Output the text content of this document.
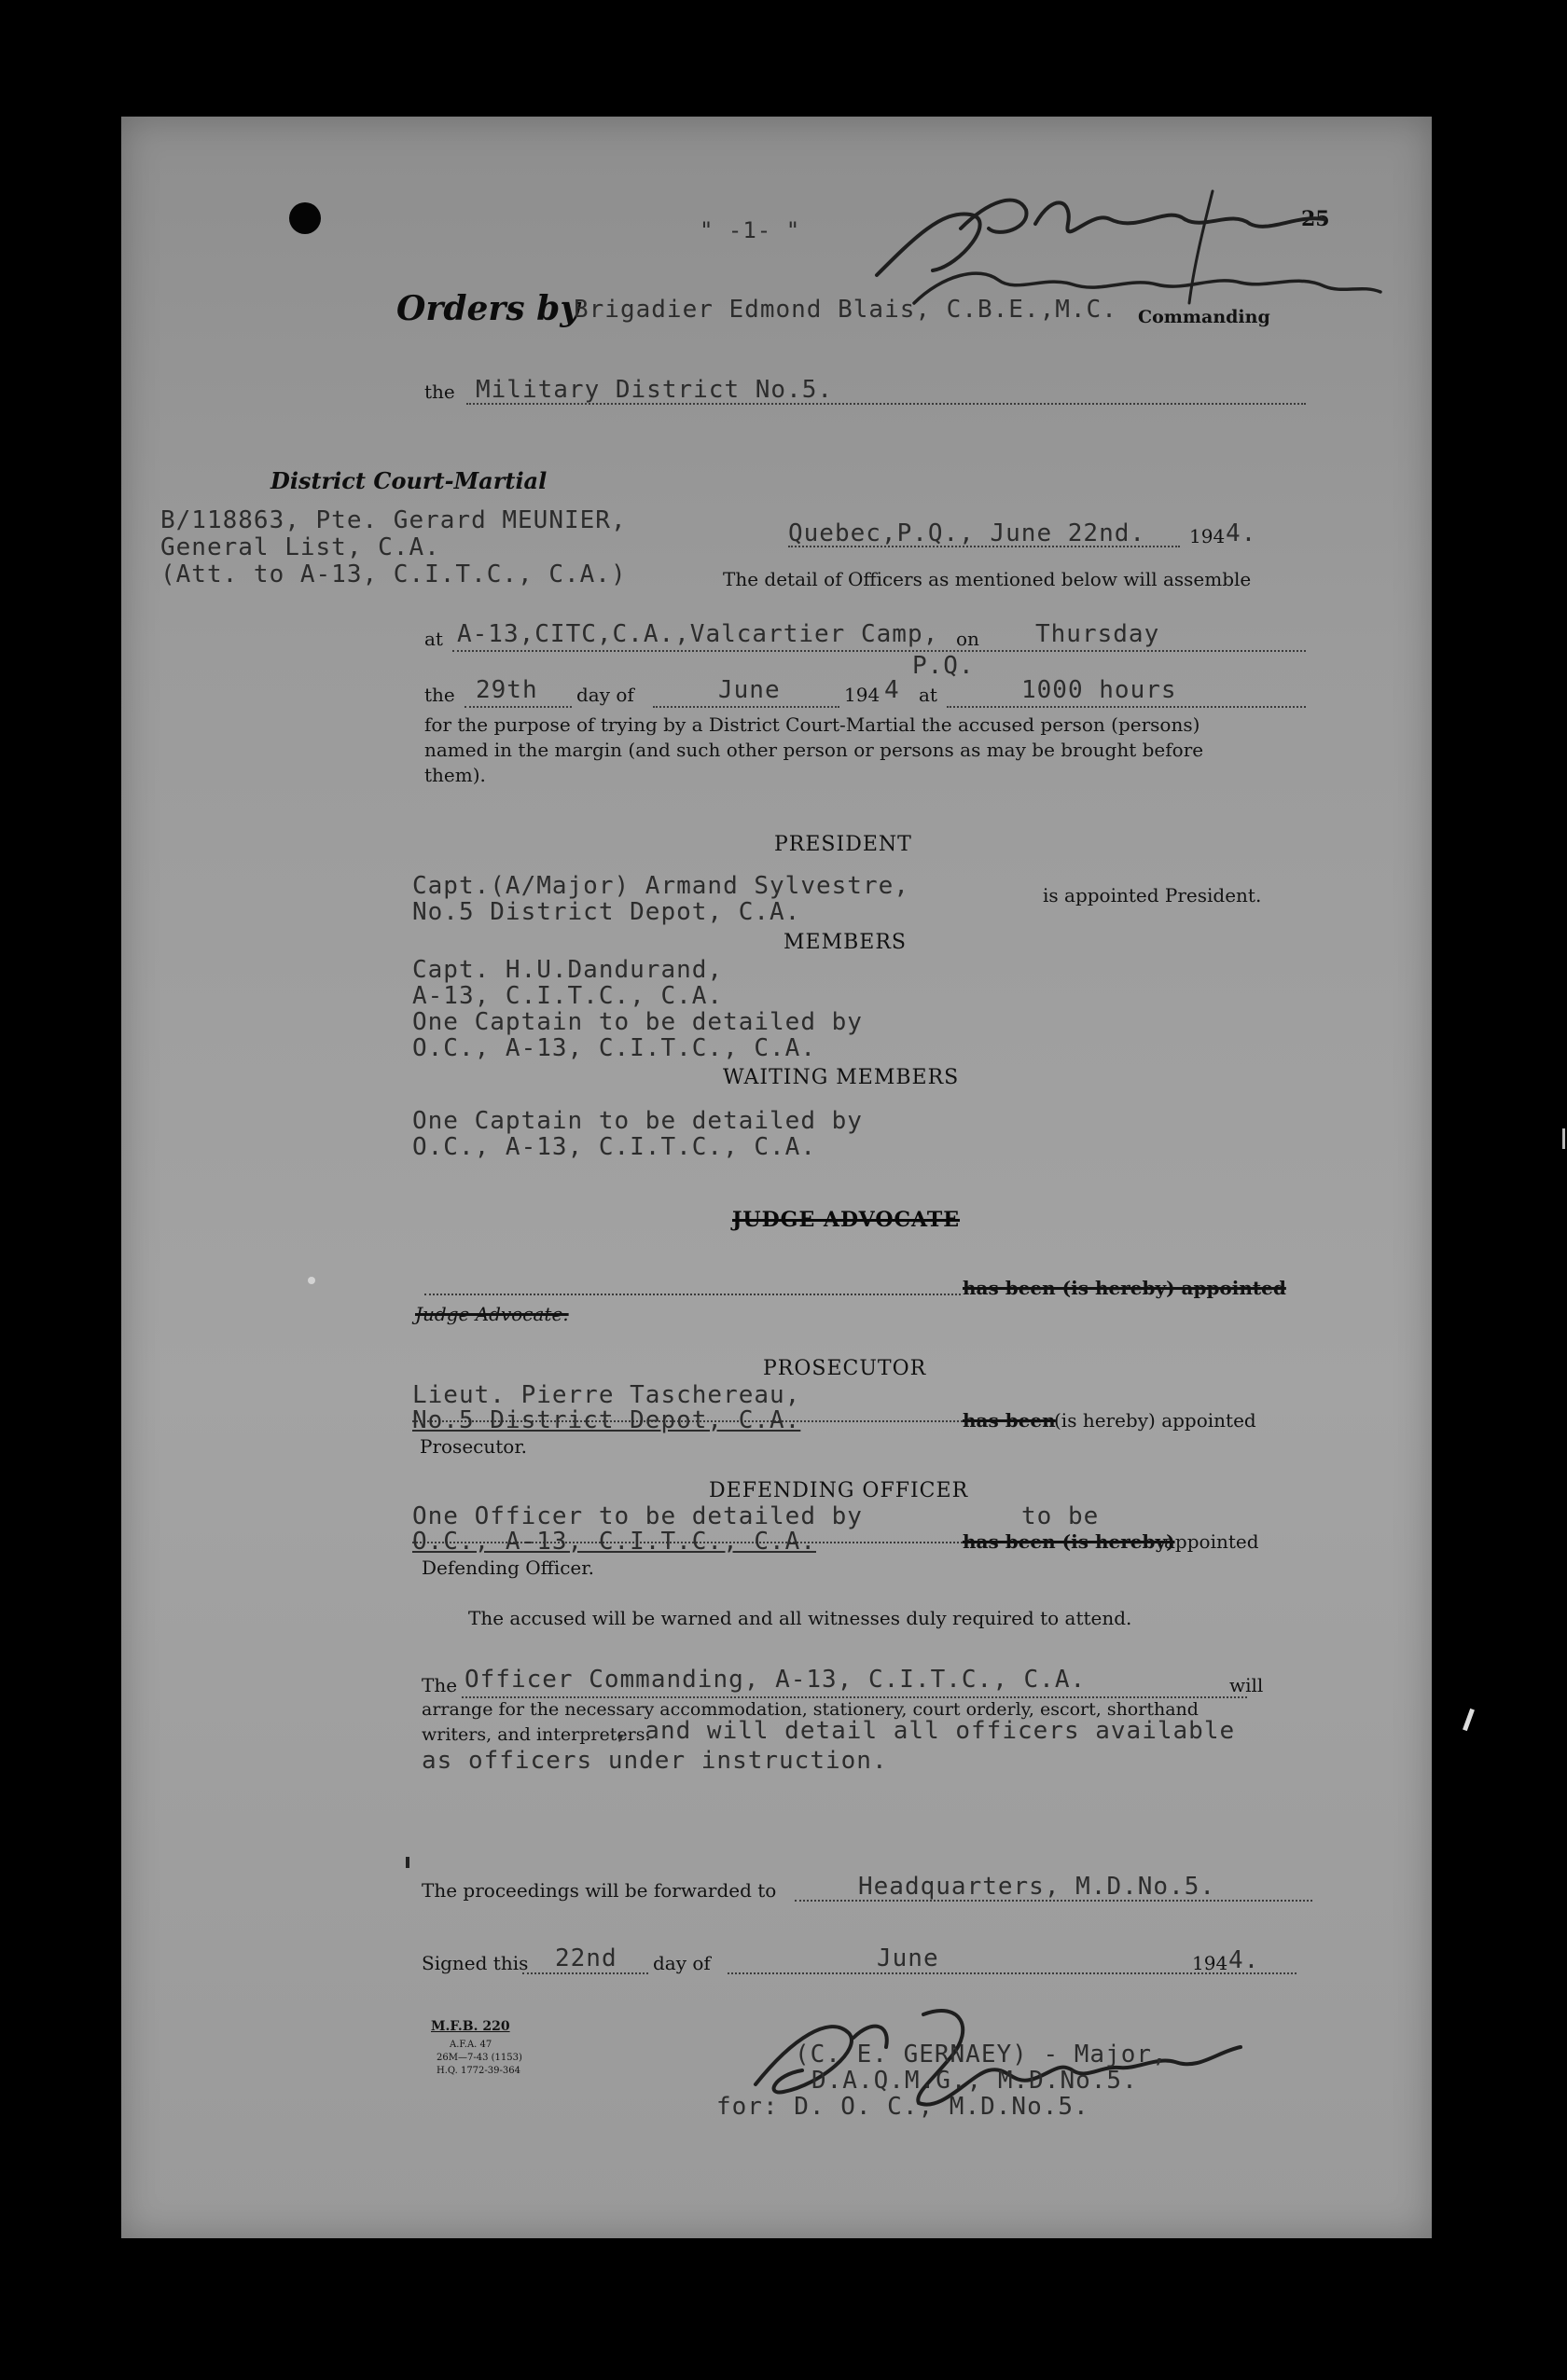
" -1- "	25
Orders by
Brigadier Edmond Blais, C.B.E.,M.C. Commanding
the Military District No.5.
District Court-Martial
B/118863, Pte. Gerard MEUNIER,
General List, C.A.
(Att. to A-13, C.I.T.C., C.A.)
Quebec,P.Q., June 22nd. 194 4.
The detail of Officers as mentioned below will assemble
at A-13,CITC,C.A.,Valcartier Camp, on Thursday
P.Q.
the 29th day of	June	194 4 at	1000 hours
for the purpose of trying by a District Court-Martial the accused person (persons)
named in the margin (and such other person or persons as may be brought before
them).
PRESIDENT
Capt.(A/Major) Armand Sylvestre,
No.5 District Depot, C.A.
is appointed President.
MEMBERS
Capt. H.U.Dandurand,
A-13, C.I.T.C., C.A.
One Captain to be detailed by
O.C., A-13, C.I.T.C., C.A.
WAITING MEMBERS
One Captain to be detailed by
O.C., A-13, C.I.T.C., C.A.
JUDGE ADVOCATE
has been (is hereby) appointed
Judge Advocate.
PROSECUTOR
Lieut. Pierre Taschereau,
No.5 District Depot, C.A.	has been
(is hereby) appointed
Prosecutor.
DEFENDING OFFICER
One Officer to be detailed by	to be
O.C., A-13, C.I.T.C., C.A.	has been (is hereby)
appointed
Defending Officer.
The accused will be warned and all witnesses duly required to attend.
The Officer Commanding, A-13, C.I.T.C., C.A.	will
arrange for the necessary accommodation, stationery, court orderly, escort, shorthand
writers, and interpreters.
, and will detail all officers available
as officers under instruction.
The proceedings will be forwarded to	Headquarters, M.D.No.5.
Signed this 22nd day of	June	194 4.
M.F.B. 220
A.F.A. 47
26M—7-43 (1153)
H.Q. 1772-39-364
(C. E. GERNAEY) - Major,
D.A.Q.M.G., M.D.No.5.
for: D. O. C., M.D.No.5.
